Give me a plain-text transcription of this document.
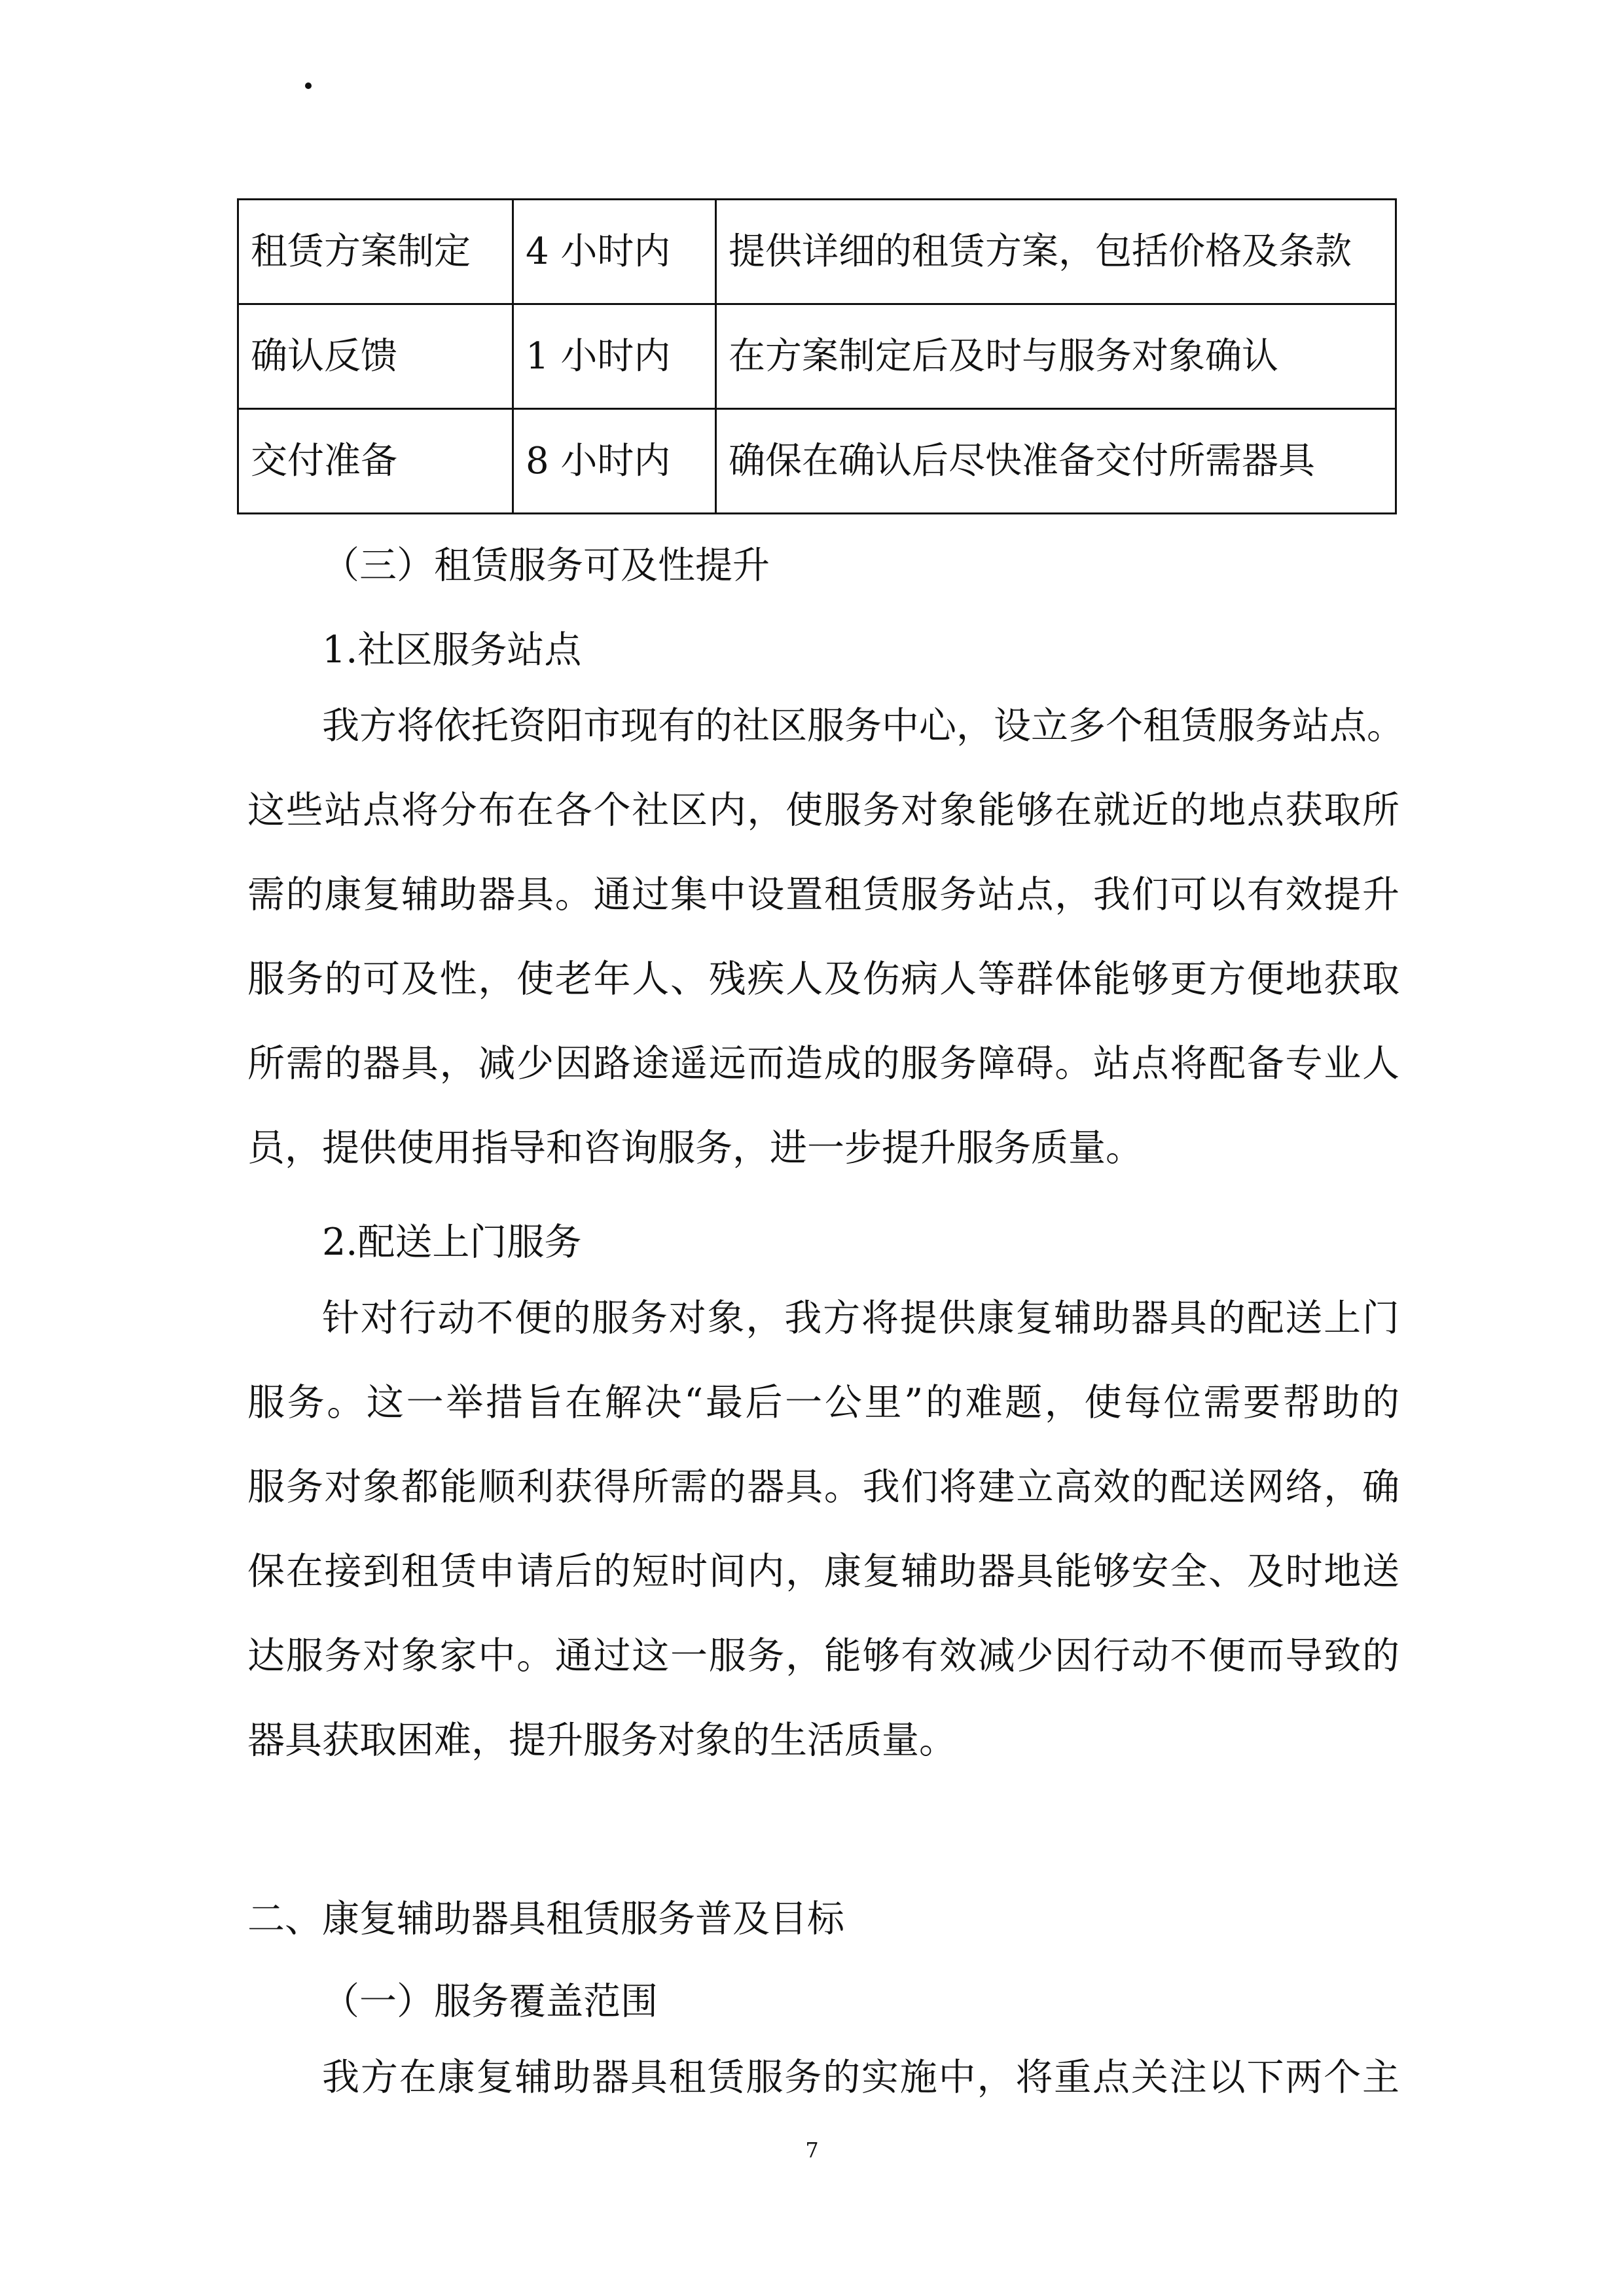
租赁方案制定	4 小时内	提供详细的租赁方案，包括价格及条款
确认反馈	1 小时内	在方案制定后及时与服务对象确认
交付准备	8 小时内	确保在确认后尽快准备交付所需器具
（三）租赁服务可及性提升
1.社区服务站点
我方将依托资阳市现有的社区服务中心，设立多个租赁服务站点。
这些站点将分布在各个社区内，使服务对象能够在就近的地点获取所
需的康复辅助器具。通过集中设置租赁服务站点，我们可以有效提升
服务的可及性，使老年人、残疾人及伤病人等群体能够更方便地获取
所需的器具，减少因路途遥远而造成的服务障碍。站点将配备专业人
员，提供使用指导和咨询服务，进一步提升服务质量。
2.配送上门服务
针对行动不便的服务对象，我方将提供康复辅助器具的配送上门
服务。这一举措旨在解决“最后一公里”的难题，使每位需要帮助的
服务对象都能顺利获得所需的器具。我们将建立高效的配送网络，确
保在接到租赁申请后的短时间内，康复辅助器具能够安全、及时地送
达服务对象家中。通过这一服务，能够有效减少因行动不便而导致的
器具获取困难，提升服务对象的生活质量。
二、康复辅助器具租赁服务普及目标
（一）服务覆盖范围
我方在康复辅助器具租赁服务的实施中，将重点关注以下两个主
7
